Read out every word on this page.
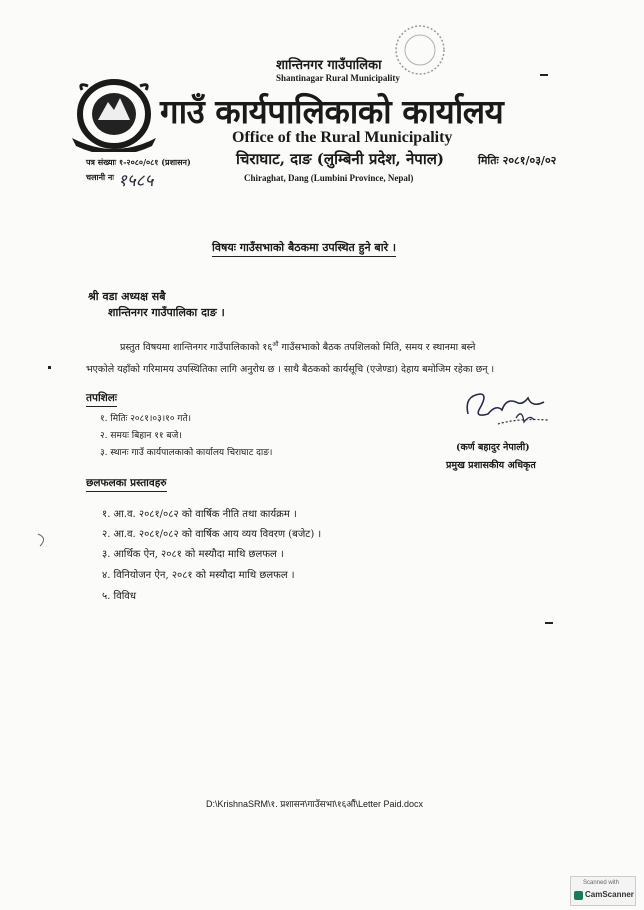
शान्तिनगर गाउँपालिका
Shantinagar Rural Municipality
गाउँ कार्यपालिकाको कार्यालय
Office of the Rural Municipality
चिराघाट, दाङ (लुम्बिनी प्रदेश, नेपाल)
Chiraghat, Dang (Lumbini Province, Nepal)
पत्र संख्याः १-२०८०/०८१ (प्रशासन)
चलानी नः १५८५
मितिः २०८१/०३/०२
विषयः गाउँसभाको बैठकमा उपस्थित हुने बारे ।
श्री वडा अध्यक्ष सबै
शान्तिनगर गाउँपालिका दाङ ।
प्रस्तुत विषयमा शान्तिनगर गाउँपालिकाको $१६^{औं}$ गाउँसभाको बैठक तपशिलको मिति, समय र स्थानमा बस्ने
भएकोले यहाँको गरिमामय उपस्थितिका लागि अनुरोध छ । साथै बैठकको कार्यसूचि (एजेण्डा) देहाय बमोजिम रहेका छन् ।
तपशिलः
१. मितिः २०८१।०३।१० गते।
२. समयः बिहान ११ बजे।
३. स्थानः गाउँ कार्यपालकाको कार्यालय चिराघाट दाङ।	(कर्ण बहादुर नेपाली)
प्रमुख प्रशासकीय अधिकृत
छलफलका प्रस्तावहरु
१. आ.व. २०८१/०८२ को वार्षिक नीति तथा कार्यक्रम ।
२. आ.व. २०८१/०८२ को वार्षिक आय व्यय विवरण (बजेट) ।
३. आर्थिक ऐन, २०८१ को मस्यौदा माथि छलफल ।
४. विनियोजन ऐन, २०८१ को मस्यौदा माथि छलफल ।
५. विविध
D:\KrishnaSRM\१. प्रशासन\गाउँसभा\१६औं\Letter Paid.docx
Scanned with
CamScanner
